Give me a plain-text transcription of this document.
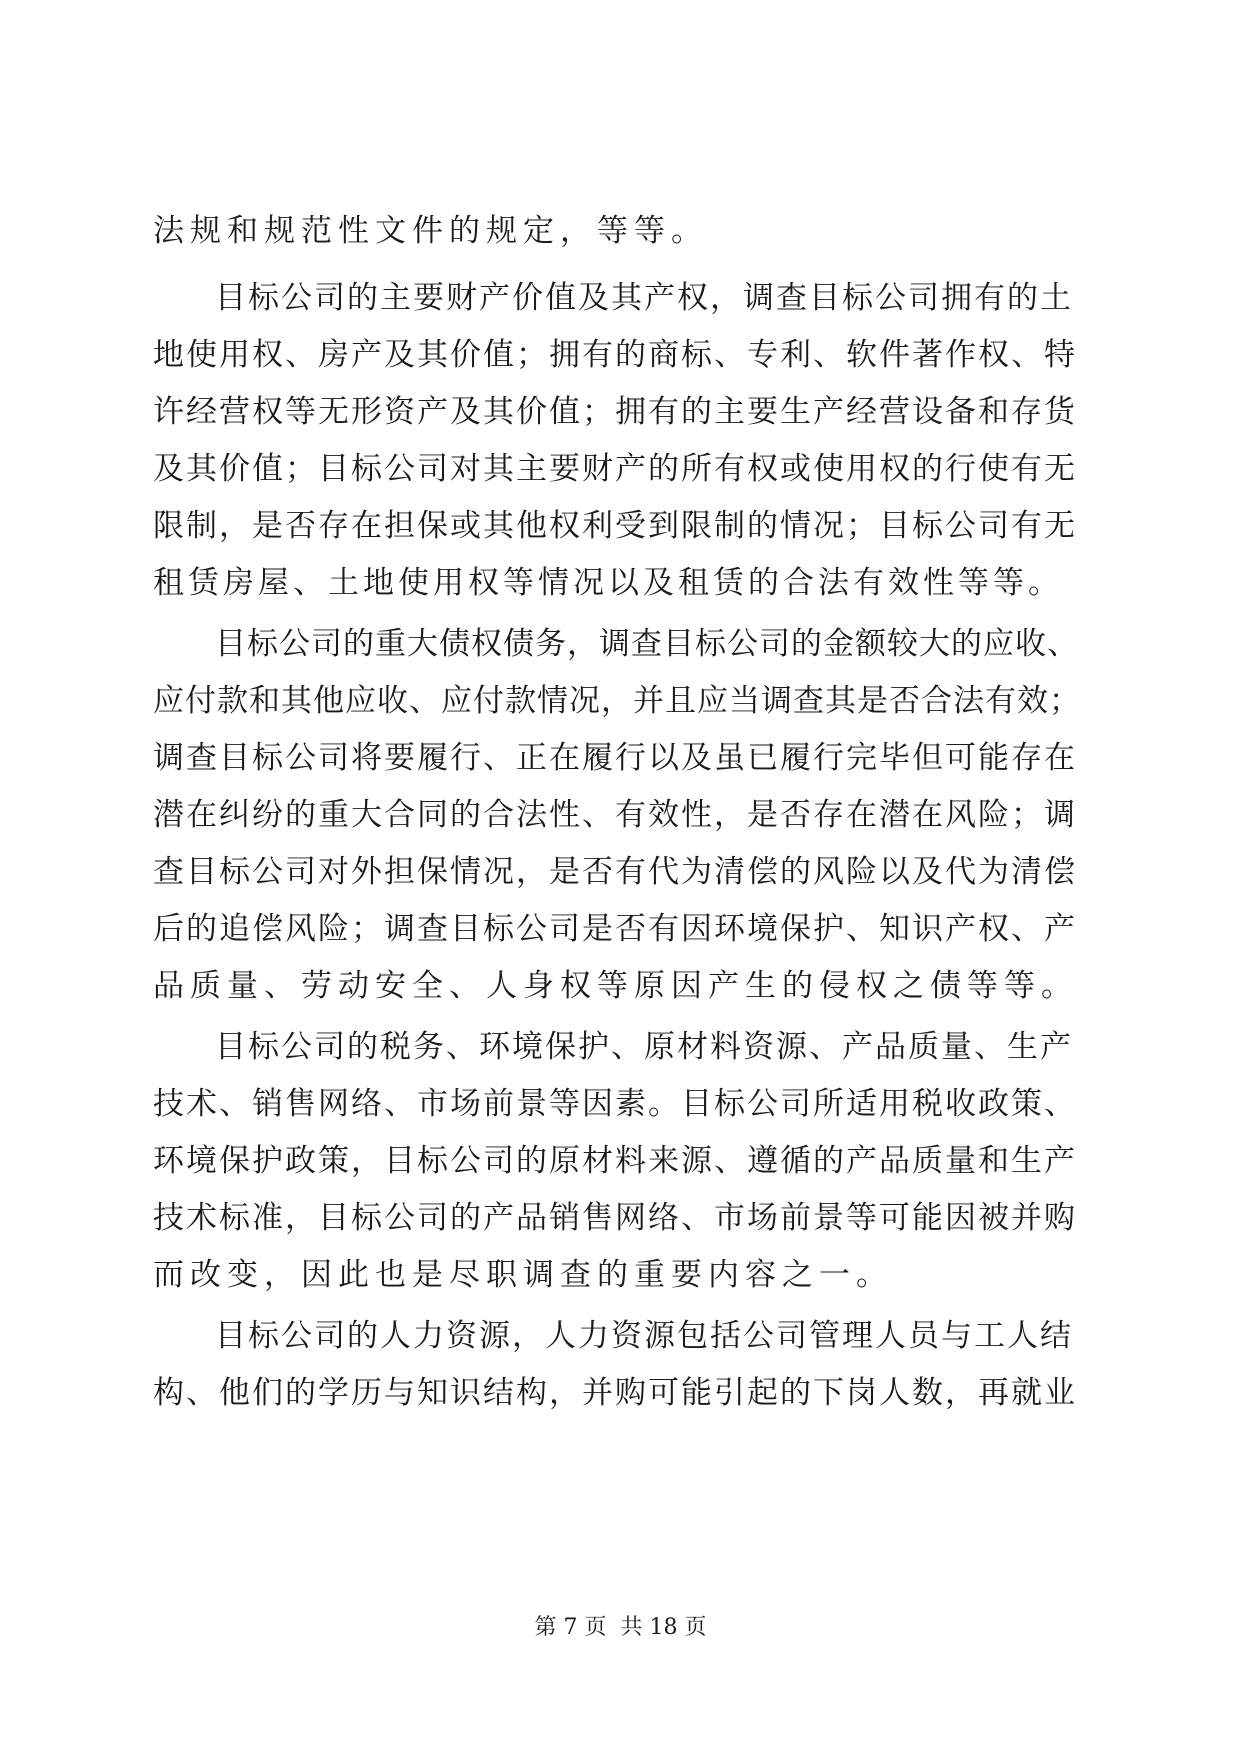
法规和规范性文件的规定，等等。
目标公司的主要财产价值及其产权，调查目标公司拥有的土
地使用权、房产及其价值；拥有的商标、专利、软件著作权、特
许经营权等无形资产及其价值；拥有的主要生产经营设备和存货
及其价值；目标公司对其主要财产的所有权或使用权的行使有无
限制，是否存在担保或其他权利受到限制的情况；目标公司有无
租赁房屋、土地使用权等情况以及租赁的合法有效性等等。
目标公司的重大债权债务，调查目标公司的金额较大的应收、
应付款和其他应收、应付款情况，并且应当调查其是否合法有效；
调查目标公司将要履行、正在履行以及虽已履行完毕但可能存在
潜在纠纷的重大合同的合法性、有效性，是否存在潜在风险；调
查目标公司对外担保情况，是否有代为清偿的风险以及代为清偿
后的追偿风险；调查目标公司是否有因环境保护、知识产权、产
品质量、劳动安全、人身权等原因产生的侵权之债等等。
目标公司的税务、环境保护、原材料资源、产品质量、生产
技术、销售网络、市场前景等因素。目标公司所适用税收政策、
环境保护政策，目标公司的原材料来源、遵循的产品质量和生产
技术标准，目标公司的产品销售网络、市场前景等可能因被并购
而改变，因此也是尽职调查的重要内容之一。
目标公司的人力资源，人力资源包括公司管理人员与工人结
构、他们的学历与知识结构，并购可能引起的下岗人数，再就业
第 7 页  共 18 页
